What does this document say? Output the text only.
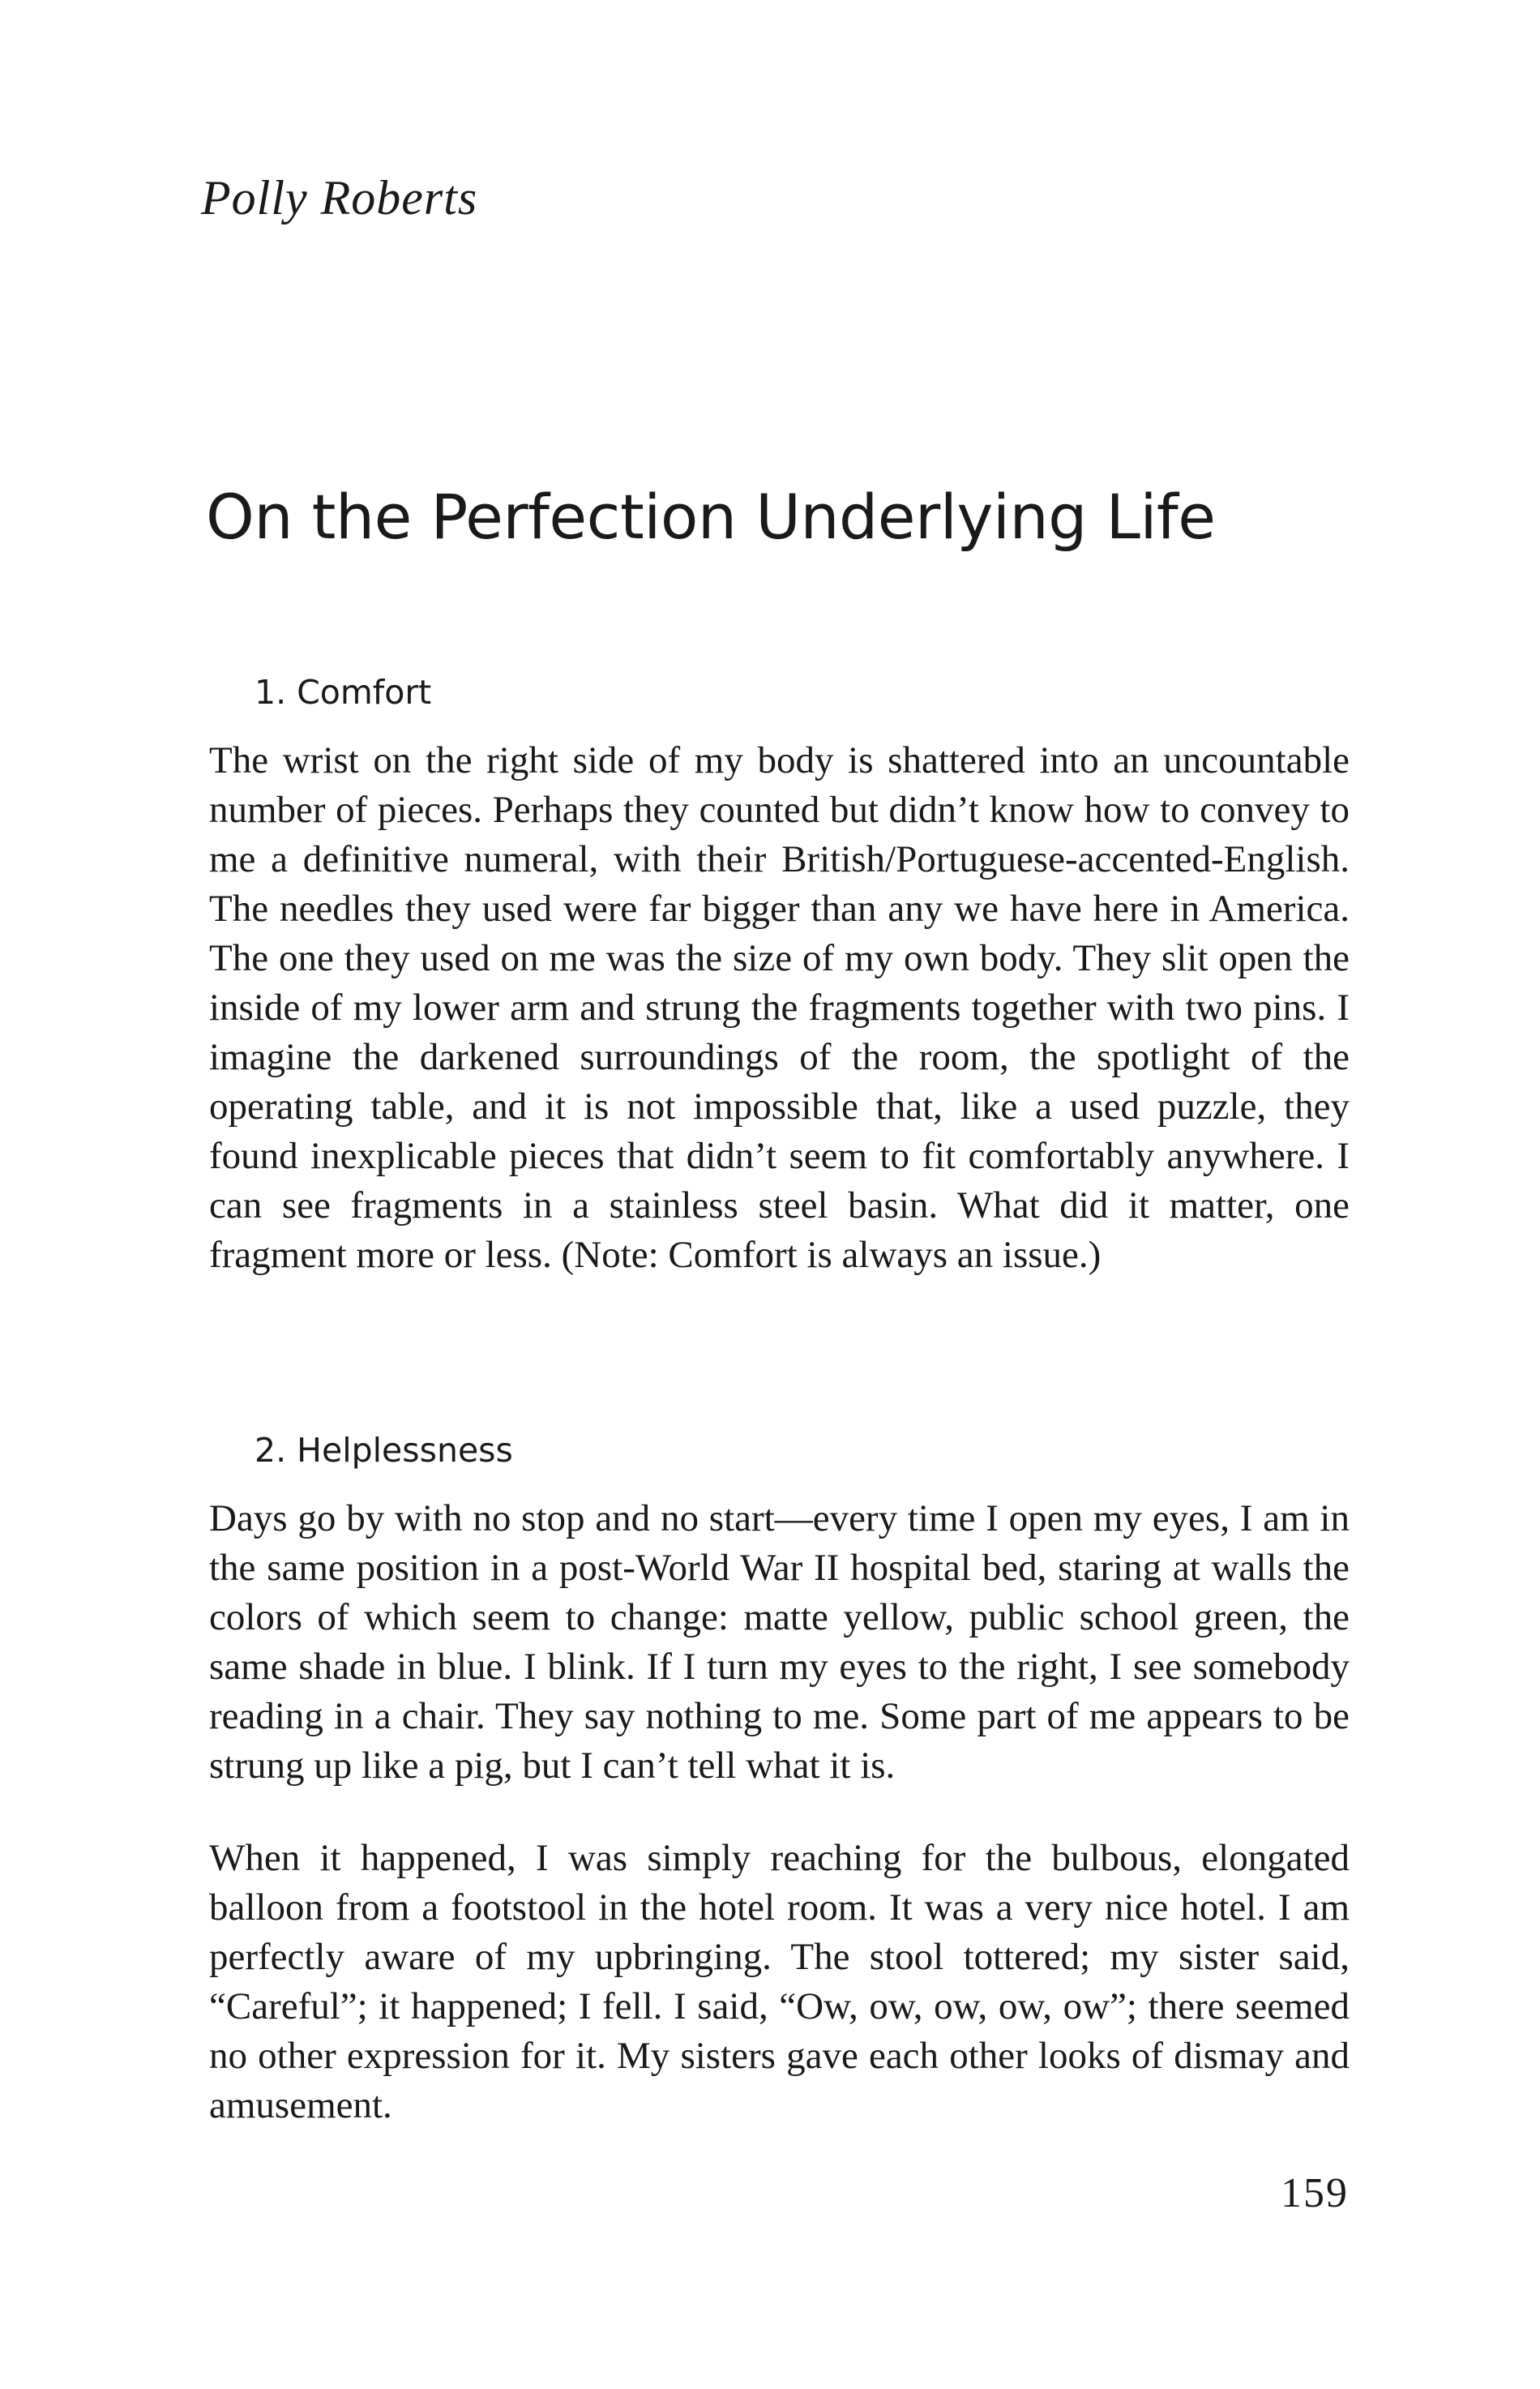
Polly Roberts
On the Perfection Underlying Life
1. Comfort

The wrist on the right side of my body is shattered into an uncountable number of pieces. Perhaps they counted but didn’t know how to convey to me a definitive numeral, with their British/Portuguese-accented-English. The needles they used were far bigger than any we have here in America. The one they used on me was the size of my own body. They slit open the inside of my lower arm and strung the fragments together with two pins. I imagine the darkened surroundings of the room, the spotlight of the operating table, and it is not impossible that, like a used puzzle, they found inexplicable pieces that didn’t seem to fit comfortably anywhere. I can see fragments in a stainless steel basin. What did it matter, one fragment more or less. (Note: Comfort is always an issue.)

2. Helplessness

Days go by with no stop and no start—every time I open my eyes, I am in the same position in a post-World War II hospital bed, staring at walls the colors of which seem to change: matte yellow, public school green, the same shade in blue. I blink. If I turn my eyes to the right, I see somebody reading in a chair. They say nothing to me. Some part of me appears to be strung up like a pig, but I can’t tell what it is.

When it happened, I was simply reaching for the bulbous, elongated balloon from a footstool in the hotel room. It was a very nice hotel. I am perfectly aware of my upbringing. The stool tottered; my sister said, “Careful”; it happened; I fell. I said, “Ow, ow, ow, ow, ow”; there seemed no other expression for it. My sisters gave each other looks of dismay and amusement.

159
